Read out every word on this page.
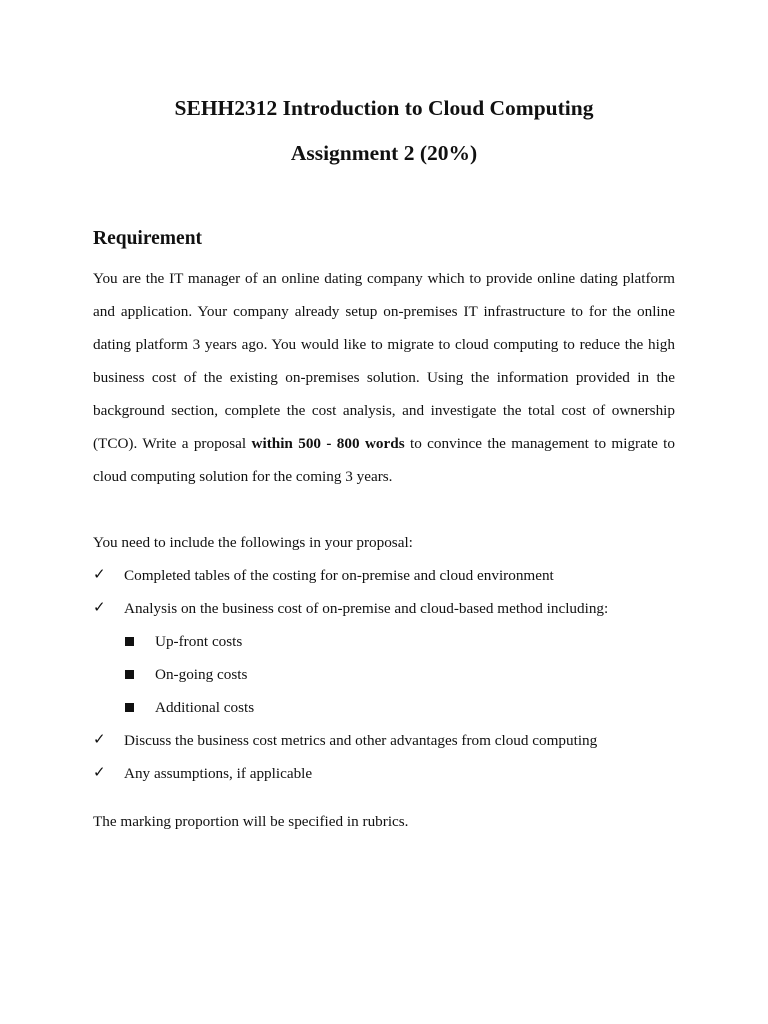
SEHH2312 Introduction to Cloud Computing
Assignment 2 (20%)
Requirement
You are the IT manager of an online dating company which to provide online dating platform
and application. Your company already setup on-premises IT infrastructure to for the online
dating platform 3 years ago. You would like to migrate to cloud computing to reduce the high
business cost of the existing on-premises solution. Using the information provided in the
background section, complete the cost analysis, and investigate the total cost of ownership
(TCO). Write a proposal within 500 - 800 words to convince the management to migrate to
cloud computing solution for the coming 3 years.

You need to include the followings in your proposal:

✓ Completed tables of the costing for on-premise and cloud environment
✓ Analysis on the business cost of on-premise and cloud-based method including:
Up-front costs
On-going costs
Additional costs
✓ Discuss the business cost metrics and other advantages from cloud computing
✓ Any assumptions, if applicable

The marking proportion will be specified in rubrics.
